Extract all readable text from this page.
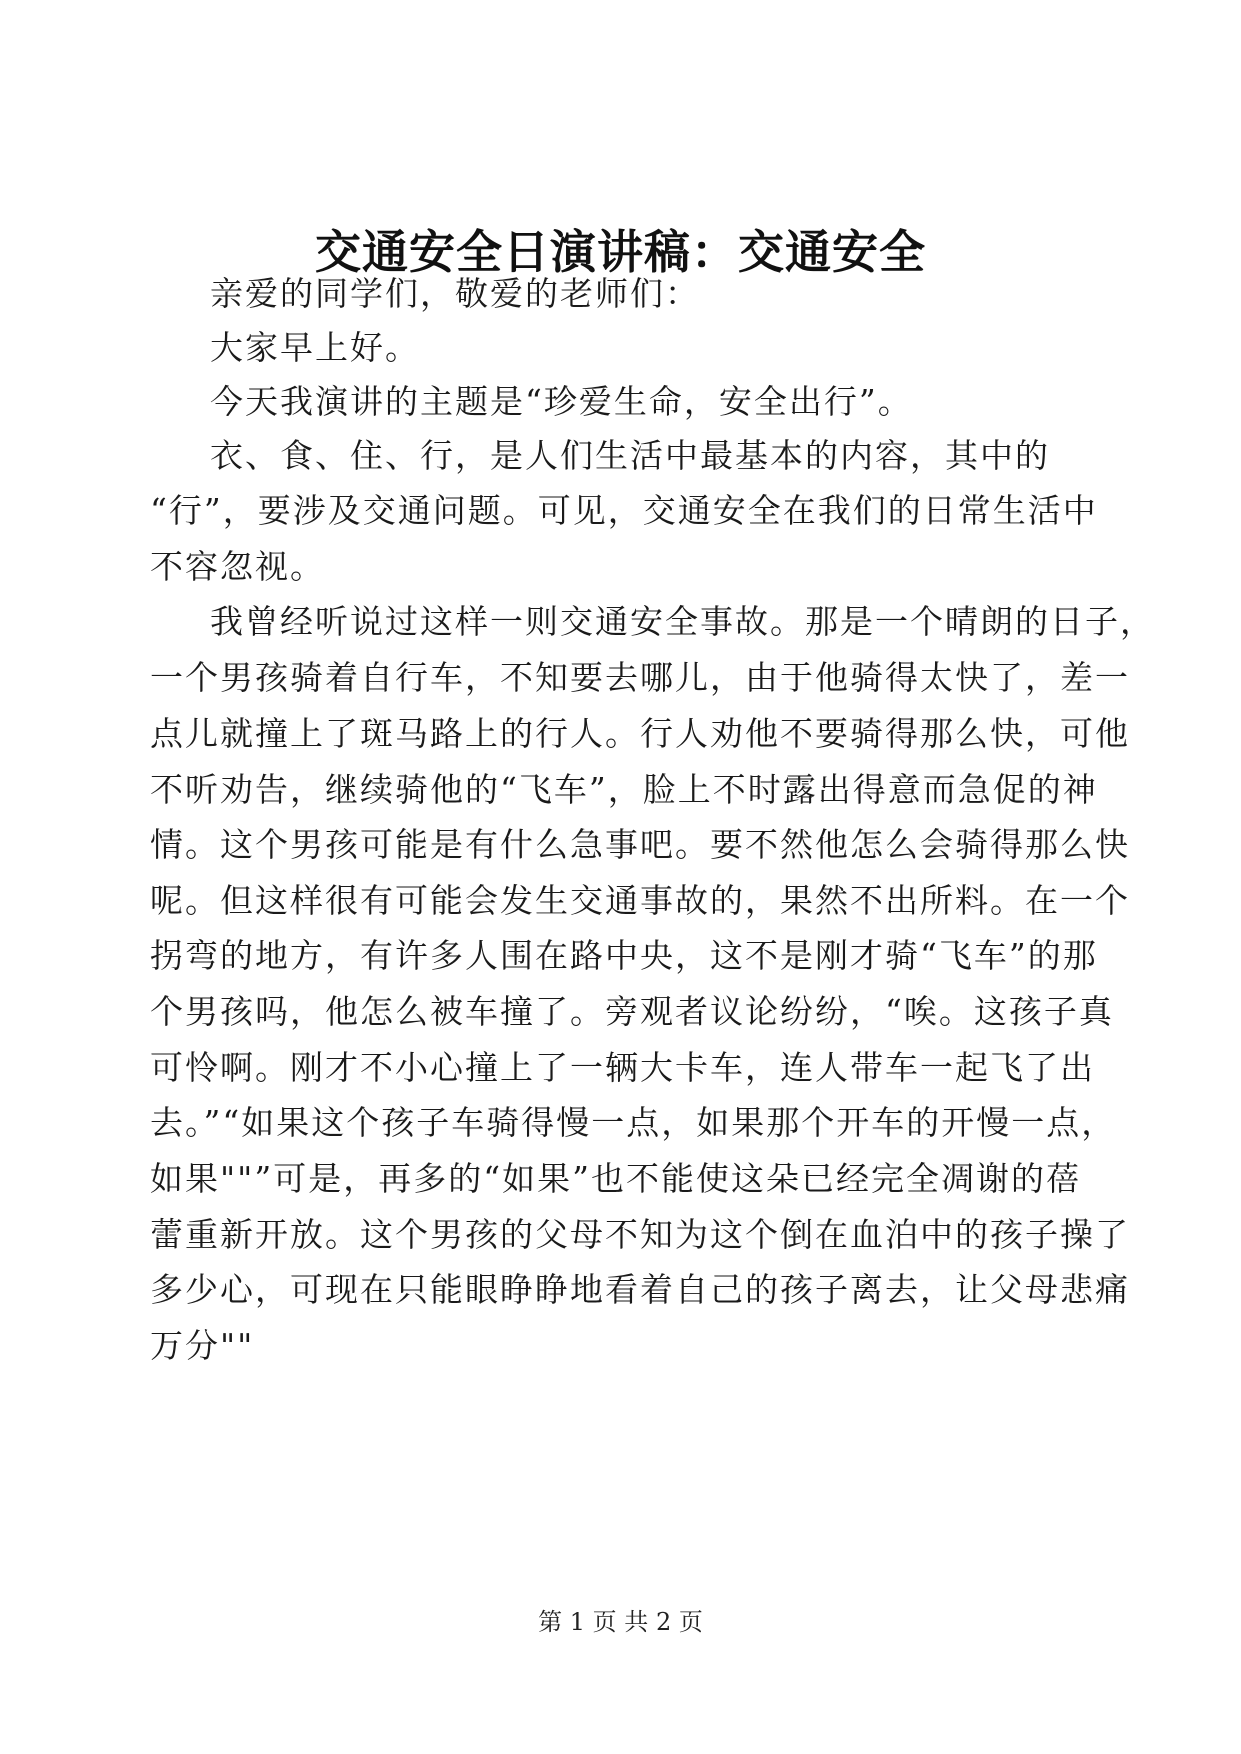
交通安全日演讲稿：交通安全
亲爱的同学们，敬爱的老师们：
大家早上好。
今天我演讲的主题是“珍爱生命，安全出行”。
衣、食、住、行，是人们生活中最基本的内容，其中的
“行”，要涉及交通问题。可见，交通安全在我们的日常生活中
不容忽视。
我曾经听说过这样一则交通安全事故。那是一个晴朗的日子，
一个男孩骑着自行车，不知要去哪儿，由于他骑得太快了，差一
点儿就撞上了斑马路上的行人。行人劝他不要骑得那么快，可他
不听劝告，继续骑他的“飞车”，脸上不时露出得意而急促的神
情。这个男孩可能是有什么急事吧。要不然他怎么会骑得那么快
呢。但这样很有可能会发生交通事故的，果然不出所料。在一个
拐弯的地方，有许多人围在路中央，这不是刚才骑“飞车”的那
个男孩吗，他怎么被车撞了。旁观者议论纷纷，“唉。这孩子真
可怜啊。刚才不小心撞上了一辆大卡车，连人带车一起飞了出
去。”“如果这个孩子车骑得慢一点，如果那个开车的开慢一点，
如果""”可是，再多的“如果”也不能使这朵已经完全凋谢的蓓
蕾重新开放。这个男孩的父母不知为这个倒在血泊中的孩子操了
多少心，可现在只能眼睁睁地看着自己的孩子离去，让父母悲痛
万分""
第 1 页 共 2 页
